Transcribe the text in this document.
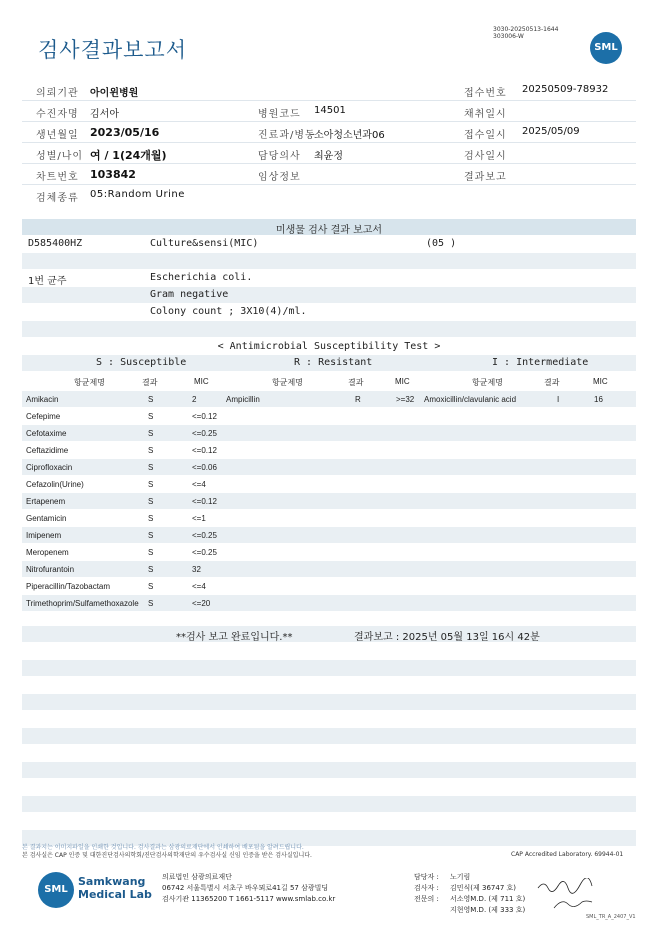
검사결과보고서
3030-20250513-1644
303006-W
SML
의뢰기관 아이윈병원	접수번호 20250509-78932
수진자명 김서아	병원코드 14501	채취일시
생년월일 2023/05/16	진료과/병동
소아청소년과06	접수일시 2025/05/09
성별/나이 여 / 1(24개월)	담당의사 최윤정	검사일시
차트번호 103842	임상정보	결과보고
검체종류 05:Random Urine
미생물 검사 결과 보고서
D585400HZ	Culture&sensi(MIC)	(05 )
1번 균주	Escherichia coli.
Gram negative
Colony count ; 3X10(4)/ml.
< Antimicrobial Susceptibility Test >
S : Susceptible	R : Resistant	I : Intermediate
항균제명	결과	MIC	항균제명	결과	MIC	항균제명	결과	MIC
Amikacin	S	2	Ampicillin	R	>=32 Amoxicillin/clavulanic acid	I	16
Cefepime	S	<=0.12
Cefotaxime	S	<=0.25
Ceftazidime	S	<=0.12
Ciprofloxacin	S	<=0.06
Cefazolin(Urine)	S	<=4
Ertapenem	S	<=0.12
Gentamicin	S	<=1
Imipenem	S	<=0.25
Meropenem	S	<=0.25
Nitrofurantoin	S	32
Piperacillin/Tazobactam	S	<=4
Trimethoprim/Sulfamethoxazole S	<=20
**검사 보고 완료입니다.**	결과보고 : 2025년 05월 13일 16시 42분
본 결과지는 이미지파일을 인쇄한 것입니다. 검사결과는 삼광의료재단에서 인쇄하여 배포됨을 알려드립니다.
본 검사실은 CAP 인증 및 대한진단검사의학회/진단검사의학재단의 우수검사실 신임 인증을 받은 검사실입니다.	CAP Accredited Laboratory. 69944-01
SML
Samkwang
Medical Lab
의료법인 삼광의료재단
06742 서울특별시 서초구 바우뫼로41길 57 삼광빌딩
검사기관 11365200 T 1661-5117 www.smlab.co.kr
담당자 : 노기림
검사자 : 김민식(제 36747 호)
전문의 : 서소영M.D. (제 711 호)
지현영M.D. (제 333 호)
SML_TR_A_2407_V1
